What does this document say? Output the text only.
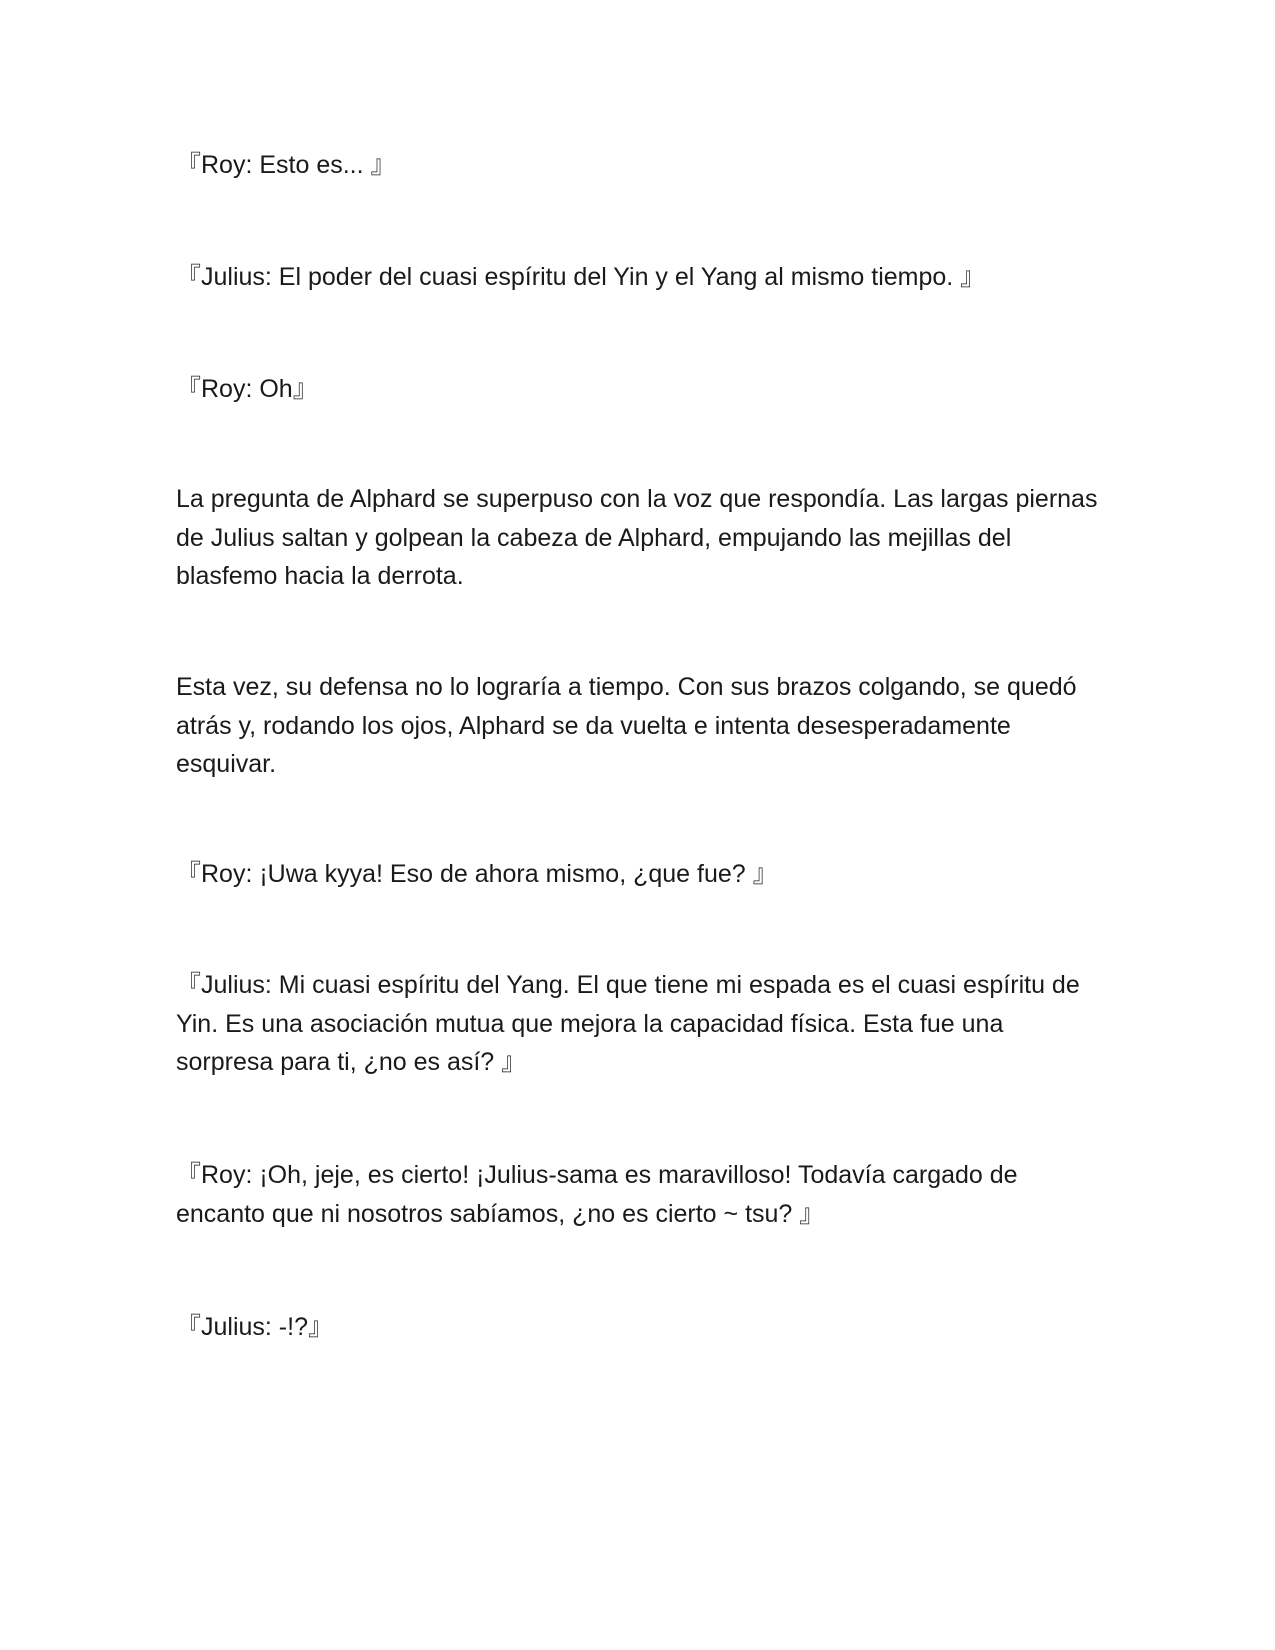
『Roy: Esto es... 』

『Julius: El poder del cuasi espíritu del Yin y el Yang al mismo tiempo. 』

『Roy: Oh』

La pregunta de Alphard se superpuso con la voz que respondía. Las largas piernas de Julius saltan y golpean la cabeza de Alphard, empujando las mejillas del blasfemo hacia la derrota.

Esta vez, su defensa no lo lograría a tiempo. Con sus brazos colgando, se quedó atrás y, rodando los ojos, Alphard se da vuelta e intenta desesperadamente esquivar.

『Roy: ¡Uwa kyya! Eso de ahora mismo, ¿que fue? 』

『Julius: Mi cuasi espíritu del Yang. El que tiene mi espada es el cuasi espíritu de Yin. Es una asociación mutua que mejora la capacidad física. Esta fue una sorpresa para ti, ¿no es así? 』

『Roy: ¡Oh, jeje, es cierto! ¡Julius-sama es maravilloso! Todavía cargado de encanto que ni nosotros sabíamos, ¿no es cierto ~ tsu? 』

『Julius: -!?』
